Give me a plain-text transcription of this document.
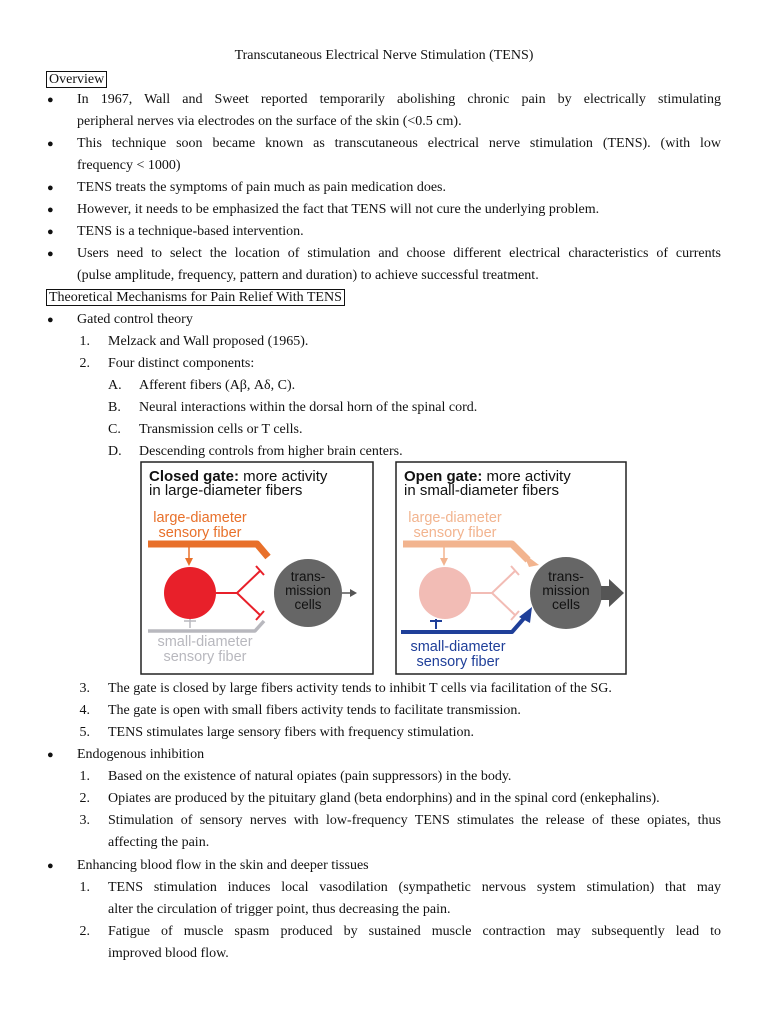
Transcutaneous Electrical Nerve Stimulation (TENS)
Overview
● In 1967, Wall and Sweet reported temporarily abolishing chronic pain by electrically stimulating
peripheral nerves via electrodes on the surface of the skin (<0.5 cm).
● This technique soon became known as transcutaneous electrical nerve stimulation (TENS). (with low
frequency < 1000)
● TENS treats the symptoms of pain much as pain medication does.
● However, it needs to be emphasized the fact that TENS will not cure the underlying problem.
● TENS is a technique-based intervention.
● Users need to select the location of stimulation and choose different electrical characteristics of currents
(pulse amplitude, frequency, pattern and duration) to achieve successful treatment.
Theoretical Mechanisms for Pain Relief With TENS
● Gated control theory
1. Melzack and Wall proposed (1965).
2. Four distinct components:
A. Afferent fibers (Aβ, Aδ, C).
B. Neural interactions within the dorsal horn of the spinal cord.
C. Transmission cells or T cells.
D. Descending controls from higher brain centers.
Closed gate: more activity
in large-diameter fibers
large-diameter
sensory fiber
trans-
mission
cells
small-diameter
sensory fiber
Open gate: more activity
in small-diameter fibers
large-diameter
sensory fiber
trans-
mission
cells
small-diameter
sensory fiber
3. The gate is closed by large fibers activity tends to inhibit T cells via facilitation of the SG.
4. The gate is open with small fibers activity tends to facilitate transmission.
5. TENS stimulates large sensory fibers with frequency stimulation.
● Endogenous inhibition
1. Based on the existence of natural opiates (pain suppressors) in the body.
2. Opiates are produced by the pituitary gland (beta endorphins) and in the spinal cord (enkephalins).
3. Stimulation of sensory nerves with low-frequency TENS stimulates the release of these opiates, thus
affecting the pain.
● Enhancing blood flow in the skin and deeper tissues
1. TENS stimulation induces local vasodilation (sympathetic nervous system stimulation) that may
alter the circulation of trigger point, thus decreasing the pain.
2. Fatigue of muscle spasm produced by sustained muscle contraction may subsequently lead to
improved blood flow.
